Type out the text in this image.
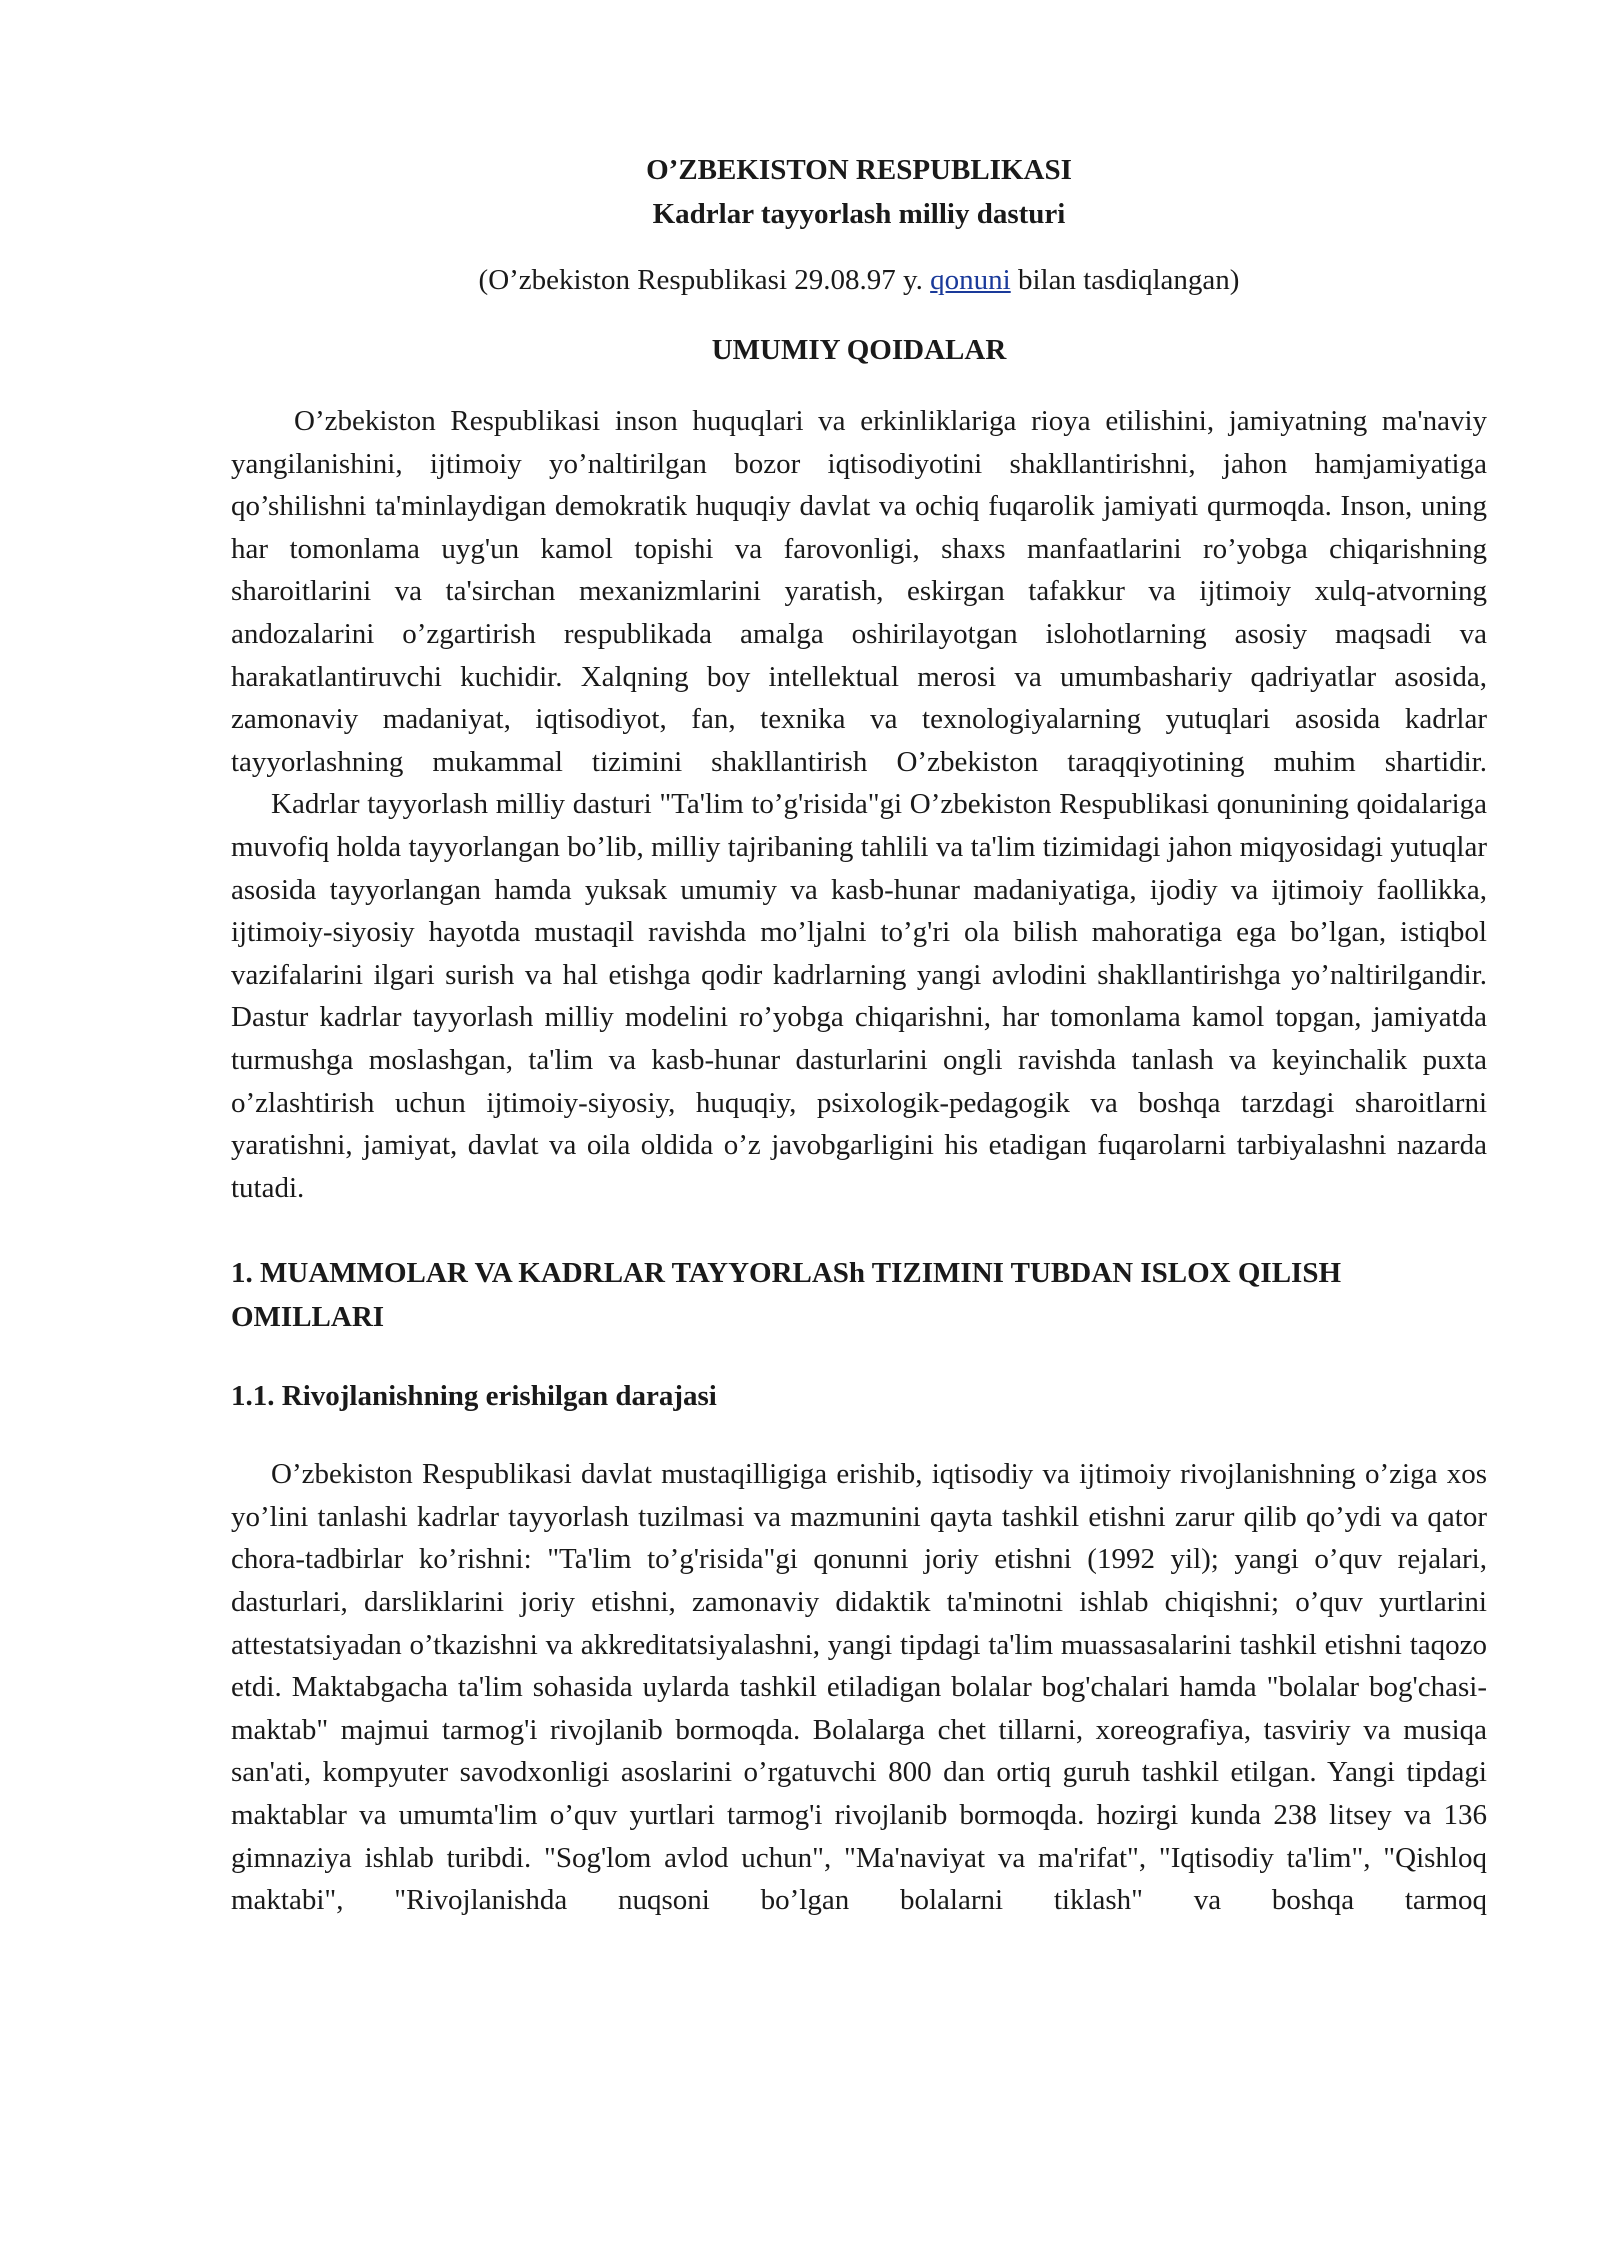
O’ZBEKISTON RESPUBLIKASI

Kadrlar tayyorlash milliy dasturi

(O’zbekiston Respublikasi 29.08.97 y. qonuni bilan tasdiqlangan)

UMUMIY QOIDALAR

O’zbekiston Respublikasi inson huquqlari va erkinliklariga rioya etilishini, jamiyatning ma'naviy yangilanishini, ijtimoiy yo’naltirilgan bozor iqtisodiyotini shakllantirishni, jahon hamjamiyatiga qo’shilishni ta'minlaydigan demokratik huquqiy davlat va ochiq fuqarolik jamiyati qurmoqda. Inson, uning har tomonlama uyg'un kamol topishi va farovonligi, shaxs manfaatlarini ro’yobga chiqarishning sharoitlarini va ta'sirchan mexanizmlarini yaratish, eskirgan tafakkur va ijtimoiy xulq-atvorning andozalarini o’zgartirish respublikada amalga oshirilayotgan islohotlarning asosiy maqsadi va harakatlantiruvchi kuchidir. Xalqning boy intellektual merosi va umumbashariy qadriyatlar asosida, zamonaviy madaniyat, iqtisodiyot, fan, texnika va texnologiyalarning yutuqlari asosida kadrlar tayyorlashning mukammal tizimini shakllantirish O’zbekiston taraqqiyotining muhim shartidir.

Kadrlar tayyorlash milliy dasturi "Ta'lim to’g'risida"gi O’zbekiston Respublikasi qonunining qoidalariga muvofiq holda tayyorlangan bo’lib, milliy tajribaning tahlili va ta'lim tizimidagi jahon miqyosidagi yutuqlar asosida tayyorlangan hamda yuksak umumiy va kasb-hunar madaniyatiga, ijodiy va ijtimoiy faollikka, ijtimoiy-siyosiy hayotda mustaqil ravishda mo’ljalni to’g'ri ola bilish mahoratiga ega bo’lgan, istiqbol vazifalarini ilgari surish va hal etishga qodir kadrlarning yangi avlodini shakllantirishga yo’naltirilgandir. Dastur kadrlar tayyorlash milliy modelini ro’yobga chiqarishni, har tomonlama kamol topgan, jamiyatda turmushga moslashgan, ta'lim va kasb-hunar dasturlarini ongli ravishda tanlash va keyinchalik puxta o’zlashtirish uchun ijtimoiy-siyosiy, huquqiy, psixologik-pedagogik va boshqa tarzdagi sharoitlarni yaratishni, jamiyat, davlat va oila oldida o’z javobgarligini his etadigan fuqarolarni tarbiyalashni nazarda tutadi.

1. MUAMMOLAR VA KADRLAR TAYYORLASh TIZIMINI TUBDAN ISLOX QILISH OMILLARI

1.1. Rivojlanishning erishilgan darajasi

O’zbekiston Respublikasi davlat mustaqilligiga erishib, iqtisodiy va ijtimoiy rivojlanishning o’ziga xos yo’lini tanlashi kadrlar tayyorlash tuzilmasi va mazmunini qayta tashkil etishni zarur qilib qo’ydi va qator chora-tadbirlar ko’rishni: "Ta'lim to’g'risida"gi qonunni joriy etishni (1992 yil); yangi o’quv rejalari, dasturlari, darsliklarini joriy etishni, zamonaviy didaktik ta'minotni ishlab chiqishni; o’quv yurtlarini attestatsiyadan o’tkazishni va akkreditatsiyalashni, yangi tipdagi ta'lim muassasalarini tashkil etishni taqozo etdi. Maktabgacha ta'lim sohasida uylarda tashkil etiladigan bolalar bog'chalari hamda "bolalar bog'chasi-maktab" majmui tarmog'i rivojlanib bormoqda. Bolalarga chet tillarni, xoreografiya, tasviriy va musiqa san'ati, kompyuter savodxonligi asoslarini o’rgatuvchi 800 dan ortiq guruh tashkil etilgan. Yangi tipdagi maktablar va umumta'lim o’quv yurtlari tarmog'i rivojlanib bormoqda. hozirgi kunda 238 litsey va 136 gimnaziya ishlab turibdi. "Sog'lom avlod uchun", "Ma'naviyat va ma'rifat", "Iqtisodiy ta'lim", "Qishloq maktabi", "Rivojlanishda nuqsoni bo’lgan bolalarni tiklash" va boshqa tarmoq
